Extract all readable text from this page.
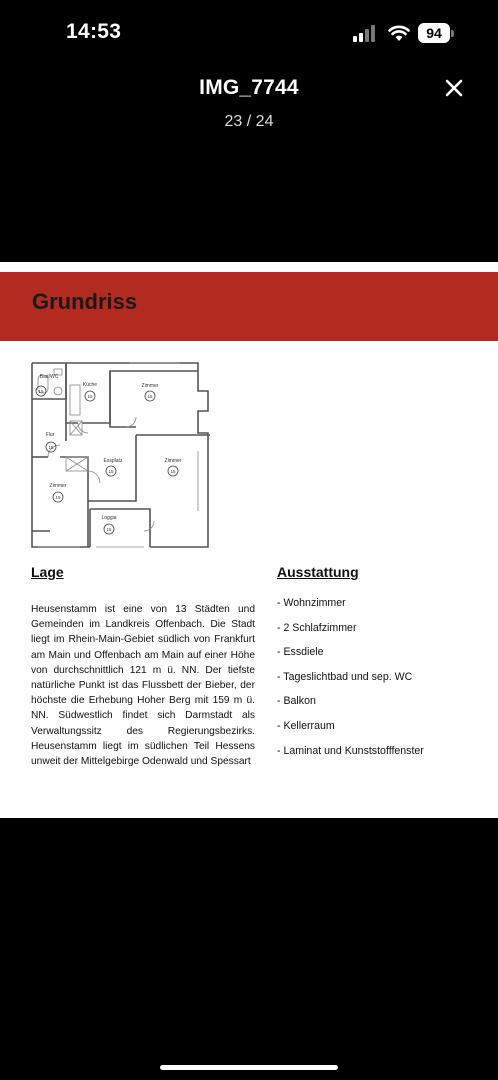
14:53	94
IMG_7744
23 / 24
Grundriss
Bad/WC
Küche	Zimmer
Flur
Essplatz	Zimmer
Zimmer
Loggia
15
15	15
15
15	15
15
15
Lage
Heusenstamm ist eine von 13 Städten und Gemeinden im Landkreis Offenbach. Die Stadt liegt im Rhein-Main-Gebiet südlich von Frankfurt am Main und Offenbach am Main auf einer Höhe von durchschnittlich 121 m ü. NN. Der tiefste natürliche Punkt ist das Flussbett der Bieber, der höchste die Erhebung Hoher Berg mit 159 m ü. NN. Südwestlich findet sich Darmstadt als Verwaltungssitz des Regierungsbezirks. Heusenstamm liegt im südlichen Teil Hessens unweit der Mittelgebirge Odenwald und Spessart
Ausstattung
- Wohnzimmer
- 2 Schlafzimmer
- Essdiele
- Tageslichtbad und sep. WC
- Balkon
- Kellerraum
- Laminat und Kunststofffenster
